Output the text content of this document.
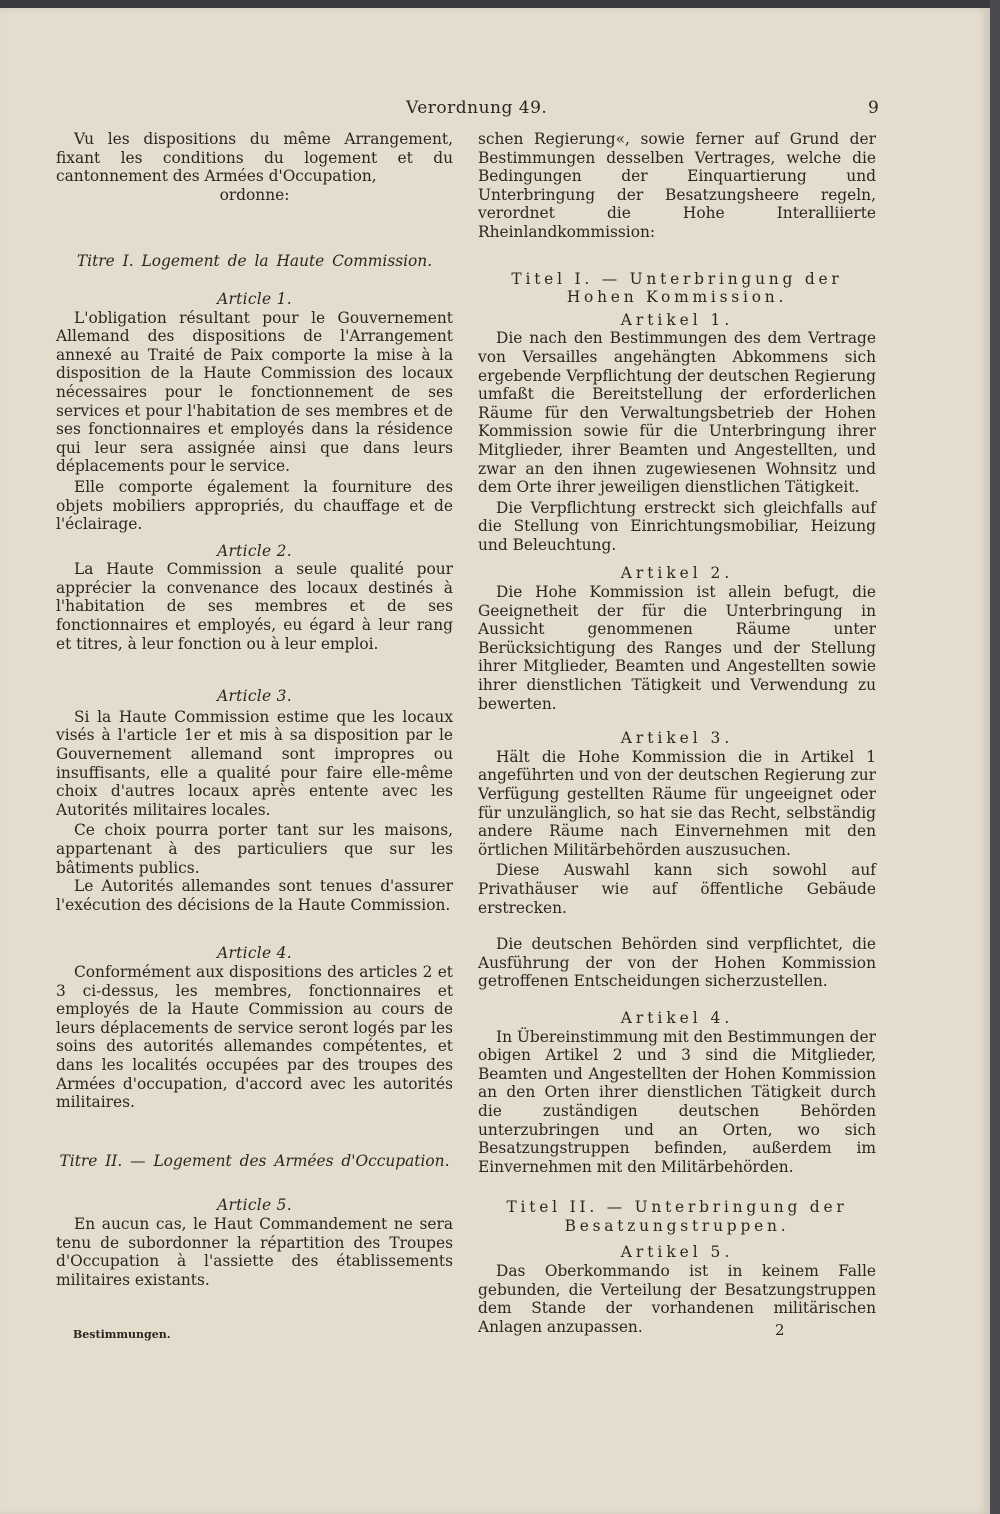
Verordnung 49.	9

Vu les dispositions du même Arrangement, fixant les conditions du logement et du cantonnement des Armées d'Occupation,

ordonne:

Titre I. Logement de la Haute Commission.

Article 1.

L'obligation résultant pour le Gouvernement Allemand des dispositions de l'Arrangement annexé au Traité de Paix comporte la mise à la disposition de la Haute Commission des locaux nécessaires pour le fonctionnement de ses services et pour l'habitation de ses membres et de ses fonctionnaires et employés dans la résidence qui leur sera assignée ainsi que dans leurs déplacements pour le service.

Elle comporte également la fourniture des objets mobiliers appropriés, du chauffage et de l'éclairage.

Article 2.

La Haute Commission a seule qualité pour apprécier la convenance des locaux destinés à l'habitation de ses membres et de ses fonctionnaires et employés, eu égard à leur rang et titres, à leur fonction ou à leur emploi.

Article 3.

Si la Haute Commission estime que les locaux visés à l'article 1er et mis à sa disposition par le Gouvernement allemand sont impropres ou insuffisants, elle a qualité pour faire elle-même choix d'autres locaux après entente avec les Autorités militaires locales.

Ce choix pourra porter tant sur les maisons, appartenant à des particuliers que sur les bâtiments publics.

Le Autorités allemandes sont tenues d'assurer l'exécution des décisions de la Haute Commission.

Article 4.

Conformément aux dispositions des articles 2 et 3 ci-dessus, les membres, fonctionnaires et employés de la Haute Commission au cours de leurs déplacements de service seront logés par les soins des autorités allemandes compétentes, et dans les localités occupées par des troupes des Armées d'occupation, d'accord avec les autorités militaires.

Titre II. — Logement des Armées d'Occupation.

Article 5.

En aucun cas, le Haut Commandement ne sera tenu de subordonner la répartition des Troupes d'Occupation à l'assiette des établissements militaires existants.

schen Regierung«, sowie ferner auf Grund der Bestimmungen desselben Vertrages, welche die Bedingungen der Einquartierung und Unterbringung der Besatzungsheere regeln, verordnet die Hohe Interalliierte Rheinlandkommission:

Titel I. — Unterbringung der Hohen Kommission.

Artikel 1.

Die nach den Bestimmungen des dem Vertrage von Versailles angehängten Abkommens sich ergebende Verpflichtung der deutschen Regierung umfaßt die Bereitstellung der erforderlichen Räume für den Verwaltungsbetrieb der Hohen Kommission sowie für die Unterbringung ihrer Mitglieder, ihrer Beamten und Angestellten, und zwar an den ihnen zugewiesenen Wohnsitz und dem Orte ihrer jeweiligen dienstlichen Tätigkeit.

Die Verpflichtung erstreckt sich gleichfalls auf die Stellung von Einrichtungsmobiliar, Heizung und Beleuchtung.

Artikel 2.

Die Hohe Kommission ist allein befugt, die Geeignetheit der für die Unterbringung in Aussicht genommenen Räume unter Berücksichtigung des Ranges und der Stellung ihrer Mitglieder, Beamten und Angestellten sowie ihrer dienstlichen Tätigkeit und Verwendung zu bewerten.

Artikel 3.

Hält die Hohe Kommission die in Artikel 1 angeführten und von der deutschen Regierung zur Verfügung gestellten Räume für ungeeignet oder für unzulänglich, so hat sie das Recht, selbständig andere Räume nach Einvernehmen mit den örtlichen Militärbehörden auszusuchen.

Diese Auswahl kann sich sowohl auf Privathäuser wie auf öffentliche Gebäude erstrecken.

Die deutschen Behörden sind verpflichtet, die Ausführung der von der Hohen Kommission getroffenen Entscheidungen sicherzustellen.

Artikel 4.

In Übereinstimmung mit den Bestimmungen der obigen Artikel 2 und 3 sind die Mitglieder, Beamten und Angestellten der Hohen Kommission an den Orten ihrer dienstlichen Tätigkeit durch die zuständigen deutschen Behörden unterzubringen und an Orten, wo sich Besatzungstruppen befinden, außerdem im Einvernehmen mit den Militärbehörden.

Titel II. — Unterbringung der Besatzungstruppen.

Artikel 5.

Das Oberkommando ist in keinem Falle gebunden, die Verteilung der Besatzungstruppen dem Stande der vorhandenen militärischen Anlagen anzupassen.

Bestimmungen.	2
